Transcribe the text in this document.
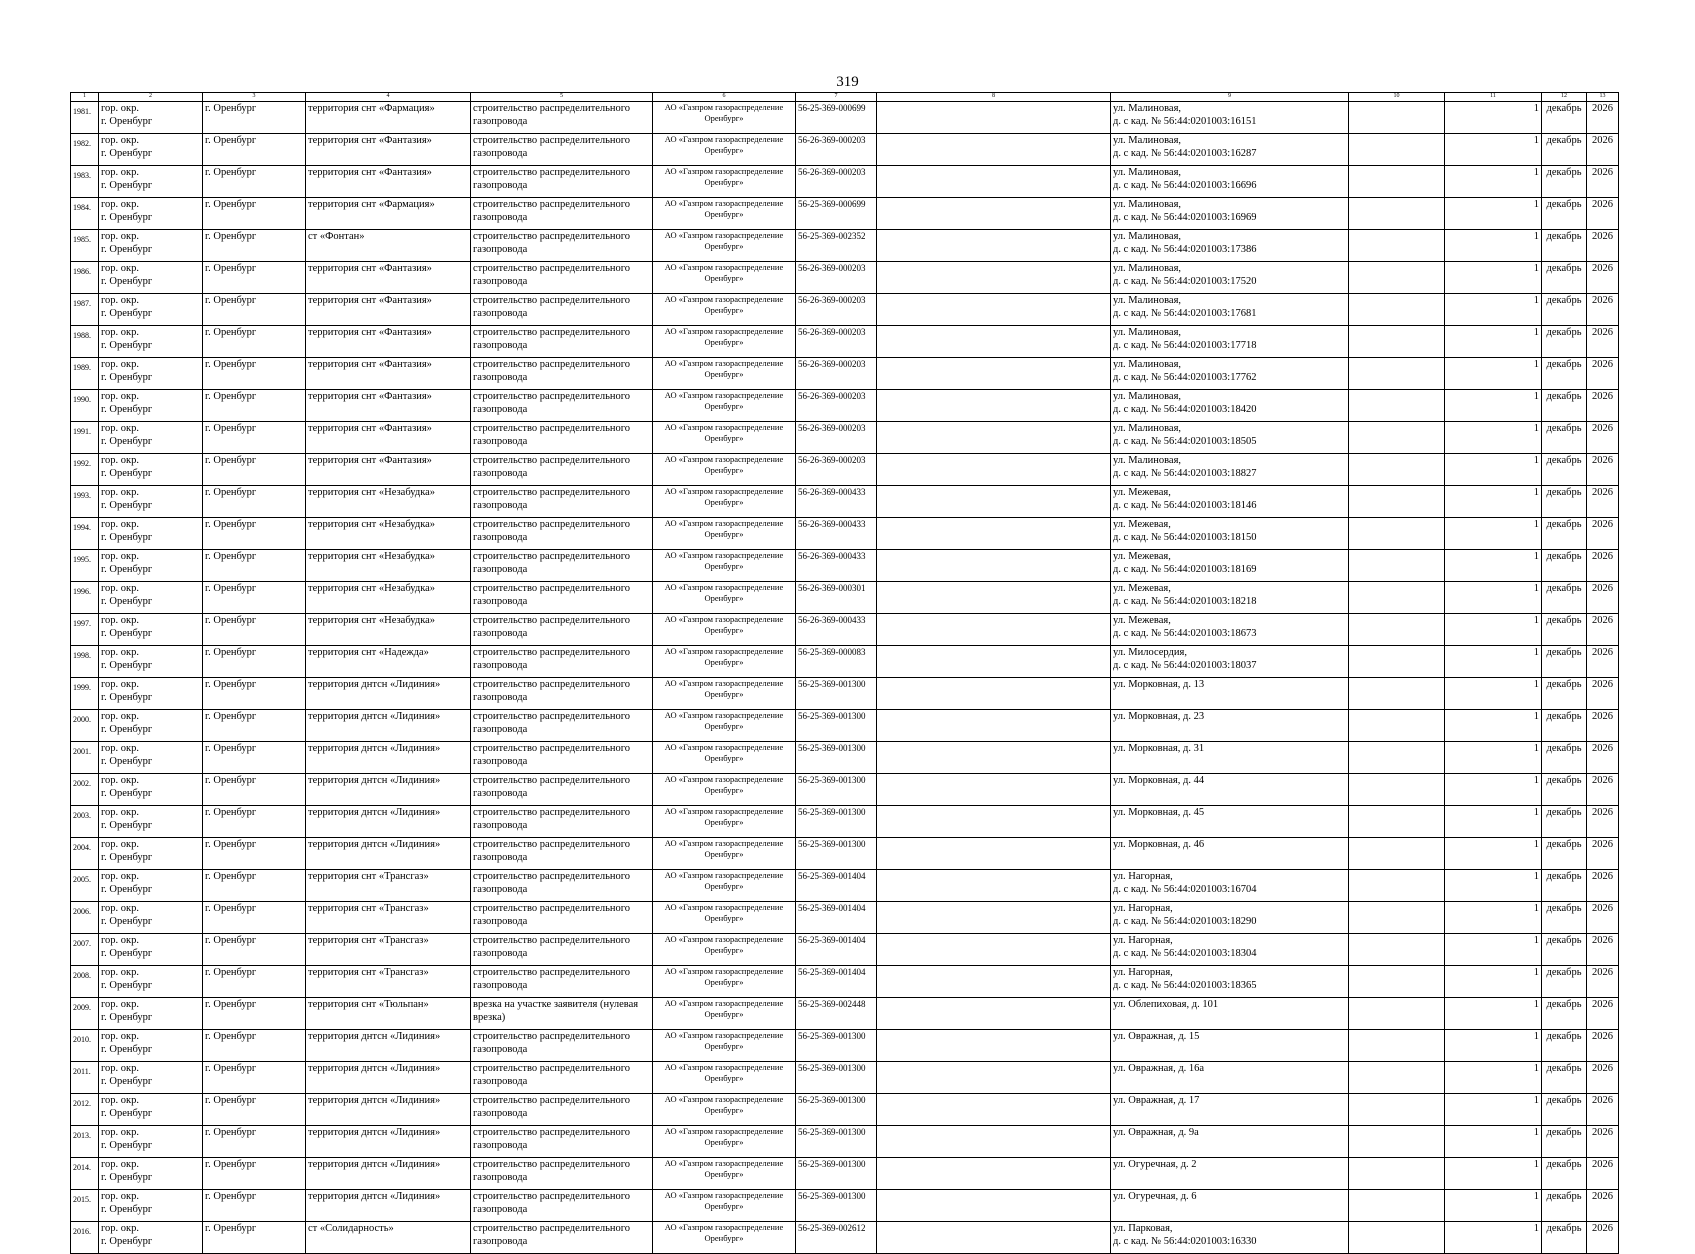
319
1	2	3	4	5	6	7	8	9	10	11	12	13

1981.	гор. окр.
г. Оренбург	г. Оренбург	территория снт «Фармация»	строительство распределительного
газопровода	АО «Газпром газораспределение
Оренбург»	56-25-369-000699		ул. Малиновая,
д. с кад. № 56:44:0201003:16151		1	декабрь	2026

1982.	гор. окр.
г. Оренбург	г. Оренбург	территория снт «Фантазия»	строительство распределительного
газопровода	АО «Газпром газораспределение
Оренбург»	56-26-369-000203		ул. Малиновая,
д. с кад. № 56:44:0201003:16287		1	декабрь	2026

1983.	гор. окр.
г. Оренбург	г. Оренбург	территория снт «Фантазия»	строительство распределительного
газопровода	АО «Газпром газораспределение
Оренбург»	56-26-369-000203		ул. Малиновая,
д. с кад. № 56:44:0201003:16696		1	декабрь	2026

1984.	гор. окр.
г. Оренбург	г. Оренбург	территория снт «Фармация»	строительство распределительного
газопровода	АО «Газпром газораспределение
Оренбург»	56-25-369-000699		ул. Малиновая,
д. с кад. № 56:44:0201003:16969		1	декабрь	2026

1985.	гор. окр.
г. Оренбург	г. Оренбург	ст «Фонтан»	строительство распределительного
газопровода	АО «Газпром газораспределение
Оренбург»	56-25-369-002352		ул. Малиновая,
д. с кад. № 56:44:0201003:17386		1	декабрь	2026

1986.	гор. окр.
г. Оренбург	г. Оренбург	территория снт «Фантазия»	строительство распределительного
газопровода	АО «Газпром газораспределение
Оренбург»	56-26-369-000203		ул. Малиновая,
д. с кад. № 56:44:0201003:17520		1	декабрь	2026

1987.	гор. окр.
г. Оренбург	г. Оренбург	территория снт «Фантазия»	строительство распределительного
газопровода	АО «Газпром газораспределение
Оренбург»	56-26-369-000203		ул. Малиновая,
д. с кад. № 56:44:0201003:17681		1	декабрь	2026

1988.	гор. окр.
г. Оренбург	г. Оренбург	территория снт «Фантазия»	строительство распределительного
газопровода	АО «Газпром газораспределение
Оренбург»	56-26-369-000203		ул. Малиновая,
д. с кад. № 56:44:0201003:17718		1	декабрь	2026

1989.	гор. окр.
г. Оренбург	г. Оренбург	территория снт «Фантазия»	строительство распределительного
газопровода	АО «Газпром газораспределение
Оренбург»	56-26-369-000203		ул. Малиновая,
д. с кад. № 56:44:0201003:17762		1	декабрь	2026

1990.	гор. окр.
г. Оренбург	г. Оренбург	территория снт «Фантазия»	строительство распределительного
газопровода	АО «Газпром газораспределение
Оренбург»	56-26-369-000203		ул. Малиновая,
д. с кад. № 56:44:0201003:18420		1	декабрь	2026

1991.	гор. окр.
г. Оренбург	г. Оренбург	территория снт «Фантазия»	строительство распределительного
газопровода	АО «Газпром газораспределение
Оренбург»	56-26-369-000203		ул. Малиновая,
д. с кад. № 56:44:0201003:18505		1	декабрь	2026

1992.	гор. окр.
г. Оренбург	г. Оренбург	территория снт «Фантазия»	строительство распределительного
газопровода	АО «Газпром газораспределение
Оренбург»	56-26-369-000203		ул. Малиновая,
д. с кад. № 56:44:0201003:18827		1	декабрь	2026

1993.	гор. окр.
г. Оренбург	г. Оренбург	территория снт «Незабудка»	строительство распределительного
газопровода	АО «Газпром газораспределение
Оренбург»	56-26-369-000433		ул. Межевая,
д. с кад. № 56:44:0201003:18146		1	декабрь	2026

1994.	гор. окр.
г. Оренбург	г. Оренбург	территория снт «Незабудка»	строительство распределительного
газопровода	АО «Газпром газораспределение
Оренбург»	56-26-369-000433		ул. Межевая,
д. с кад. № 56:44:0201003:18150		1	декабрь	2026

1995.	гор. окр.
г. Оренбург	г. Оренбург	территория снт «Незабудка»	строительство распределительного
газопровода	АО «Газпром газораспределение
Оренбург»	56-26-369-000433		ул. Межевая,
д. с кад. № 56:44:0201003:18169		1	декабрь	2026

1996.	гор. окр.
г. Оренбург	г. Оренбург	территория снт «Незабудка»	строительство распределительного
газопровода	АО «Газпром газораспределение
Оренбург»	56-26-369-000301		ул. Межевая,
д. с кад. № 56:44:0201003:18218		1	декабрь	2026

1997.	гор. окр.
г. Оренбург	г. Оренбург	территория снт «Незабудка»	строительство распределительного
газопровода	АО «Газпром газораспределение
Оренбург»	56-26-369-000433		ул. Межевая,
д. с кад. № 56:44:0201003:18673		1	декабрь	2026

1998.	гор. окр.
г. Оренбург	г. Оренбург	территория снт «Надежда»	строительство распределительного
газопровода	АО «Газпром газораспределение
Оренбург»	56-25-369-000083		ул. Милосердия,
д. с кад. № 56:44:0201003:18037		1	декабрь	2026

1999.	гор. окр.
г. Оренбург	г. Оренбург	территория днтсн «Лидиния»	строительство распределительного
газопровода	АО «Газпром газораспределение
Оренбург»	56-25-369-001300		ул. Морковная, д. 13		1	декабрь	2026

2000.	гор. окр.
г. Оренбург	г. Оренбург	территория днтсн «Лидиния»	строительство распределительного
газопровода	АО «Газпром газораспределение
Оренбург»	56-25-369-001300		ул. Морковная, д. 23		1	декабрь	2026

2001.	гор. окр.
г. Оренбург	г. Оренбург	территория днтсн «Лидиния»	строительство распределительного
газопровода	АО «Газпром газораспределение
Оренбург»	56-25-369-001300		ул. Морковная, д. 31		1	декабрь	2026

2002.	гор. окр.
г. Оренбург	г. Оренбург	территория днтсн «Лидиния»	строительство распределительного
газопровода	АО «Газпром газораспределение
Оренбург»	56-25-369-001300		ул. Морковная, д. 44		1	декабрь	2026

2003.	гор. окр.
г. Оренбург	г. Оренбург	территория днтсн «Лидиния»	строительство распределительного
газопровода	АО «Газпром газораспределение
Оренбург»	56-25-369-001300		ул. Морковная, д. 45		1	декабрь	2026

2004.	гор. окр.
г. Оренбург	г. Оренбург	территория днтсн «Лидиния»	строительство распределительного
газопровода	АО «Газпром газораспределение
Оренбург»	56-25-369-001300		ул. Морковная, д. 46		1	декабрь	2026

2005.	гор. окр.
г. Оренбург	г. Оренбург	территория снт «Трансгаз»	строительство распределительного
газопровода	АО «Газпром газораспределение
Оренбург»	56-25-369-001404		ул. Нагорная,
д. с кад. № 56:44:0201003:16704		1	декабрь	2026

2006.	гор. окр.
г. Оренбург	г. Оренбург	территория снт «Трансгаз»	строительство распределительного
газопровода	АО «Газпром газораспределение
Оренбург»	56-25-369-001404		ул. Нагорная,
д. с кад. № 56:44:0201003:18290		1	декабрь	2026

2007.	гор. окр.
г. Оренбург	г. Оренбург	территория снт «Трансгаз»	строительство распределительного
газопровода	АО «Газпром газораспределение
Оренбург»	56-25-369-001404		ул. Нагорная,
д. с кад. № 56:44:0201003:18304		1	декабрь	2026

2008.	гор. окр.
г. Оренбург	г. Оренбург	территория снт «Трансгаз»	строительство распределительного
газопровода	АО «Газпром газораспределение
Оренбург»	56-25-369-001404		ул. Нагорная,
д. с кад. № 56:44:0201003:18365		1	декабрь	2026

2009.	гор. окр.
г. Оренбург	г. Оренбург	территория снт «Тюльпан»	врезка на участке заявителя (нулевая
врезка)	АО «Газпром газораспределение
Оренбург»	56-25-369-002448		ул. Облепиховая, д. 101		1	декабрь	2026

2010.	гор. окр.
г. Оренбург	г. Оренбург	территория днтсн «Лидиния»	строительство распределительного
газопровода	АО «Газпром газораспределение
Оренбург»	56-25-369-001300		ул. Овражная, д. 15		1	декабрь	2026

2011.	гор. окр.
г. Оренбург	г. Оренбург	территория днтсн «Лидиния»	строительство распределительного
газопровода	АО «Газпром газораспределение
Оренбург»	56-25-369-001300		ул. Овражная, д. 16а		1	декабрь	2026

2012.	гор. окр.
г. Оренбург	г. Оренбург	территория днтсн «Лидиния»	строительство распределительного
газопровода	АО «Газпром газораспределение
Оренбург»	56-25-369-001300		ул. Овражная, д. 17		1	декабрь	2026

2013.	гор. окр.
г. Оренбург	г. Оренбург	территория днтсн «Лидиния»	строительство распределительного
газопровода	АО «Газпром газораспределение
Оренбург»	56-25-369-001300		ул. Овражная, д. 9а		1	декабрь	2026

2014.	гор. окр.
г. Оренбург	г. Оренбург	территория днтсн «Лидиния»	строительство распределительного
газопровода	АО «Газпром газораспределение
Оренбург»	56-25-369-001300		ул. Огуречная, д. 2		1	декабрь	2026

2015.	гор. окр.
г. Оренбург	г. Оренбург	территория днтсн «Лидиния»	строительство распределительного
газопровода	АО «Газпром газораспределение
Оренбург»	56-25-369-001300		ул. Огуречная, д. 6		1	декабрь	2026

2016.	гор. окр.
г. Оренбург	г. Оренбург	ст «Солидарность»	строительство распределительного
газопровода	АО «Газпром газораспределение
Оренбург»	56-25-369-002612		ул. Парковая,
д. с кад. № 56:44:0201003:16330		1	декабрь	2026
